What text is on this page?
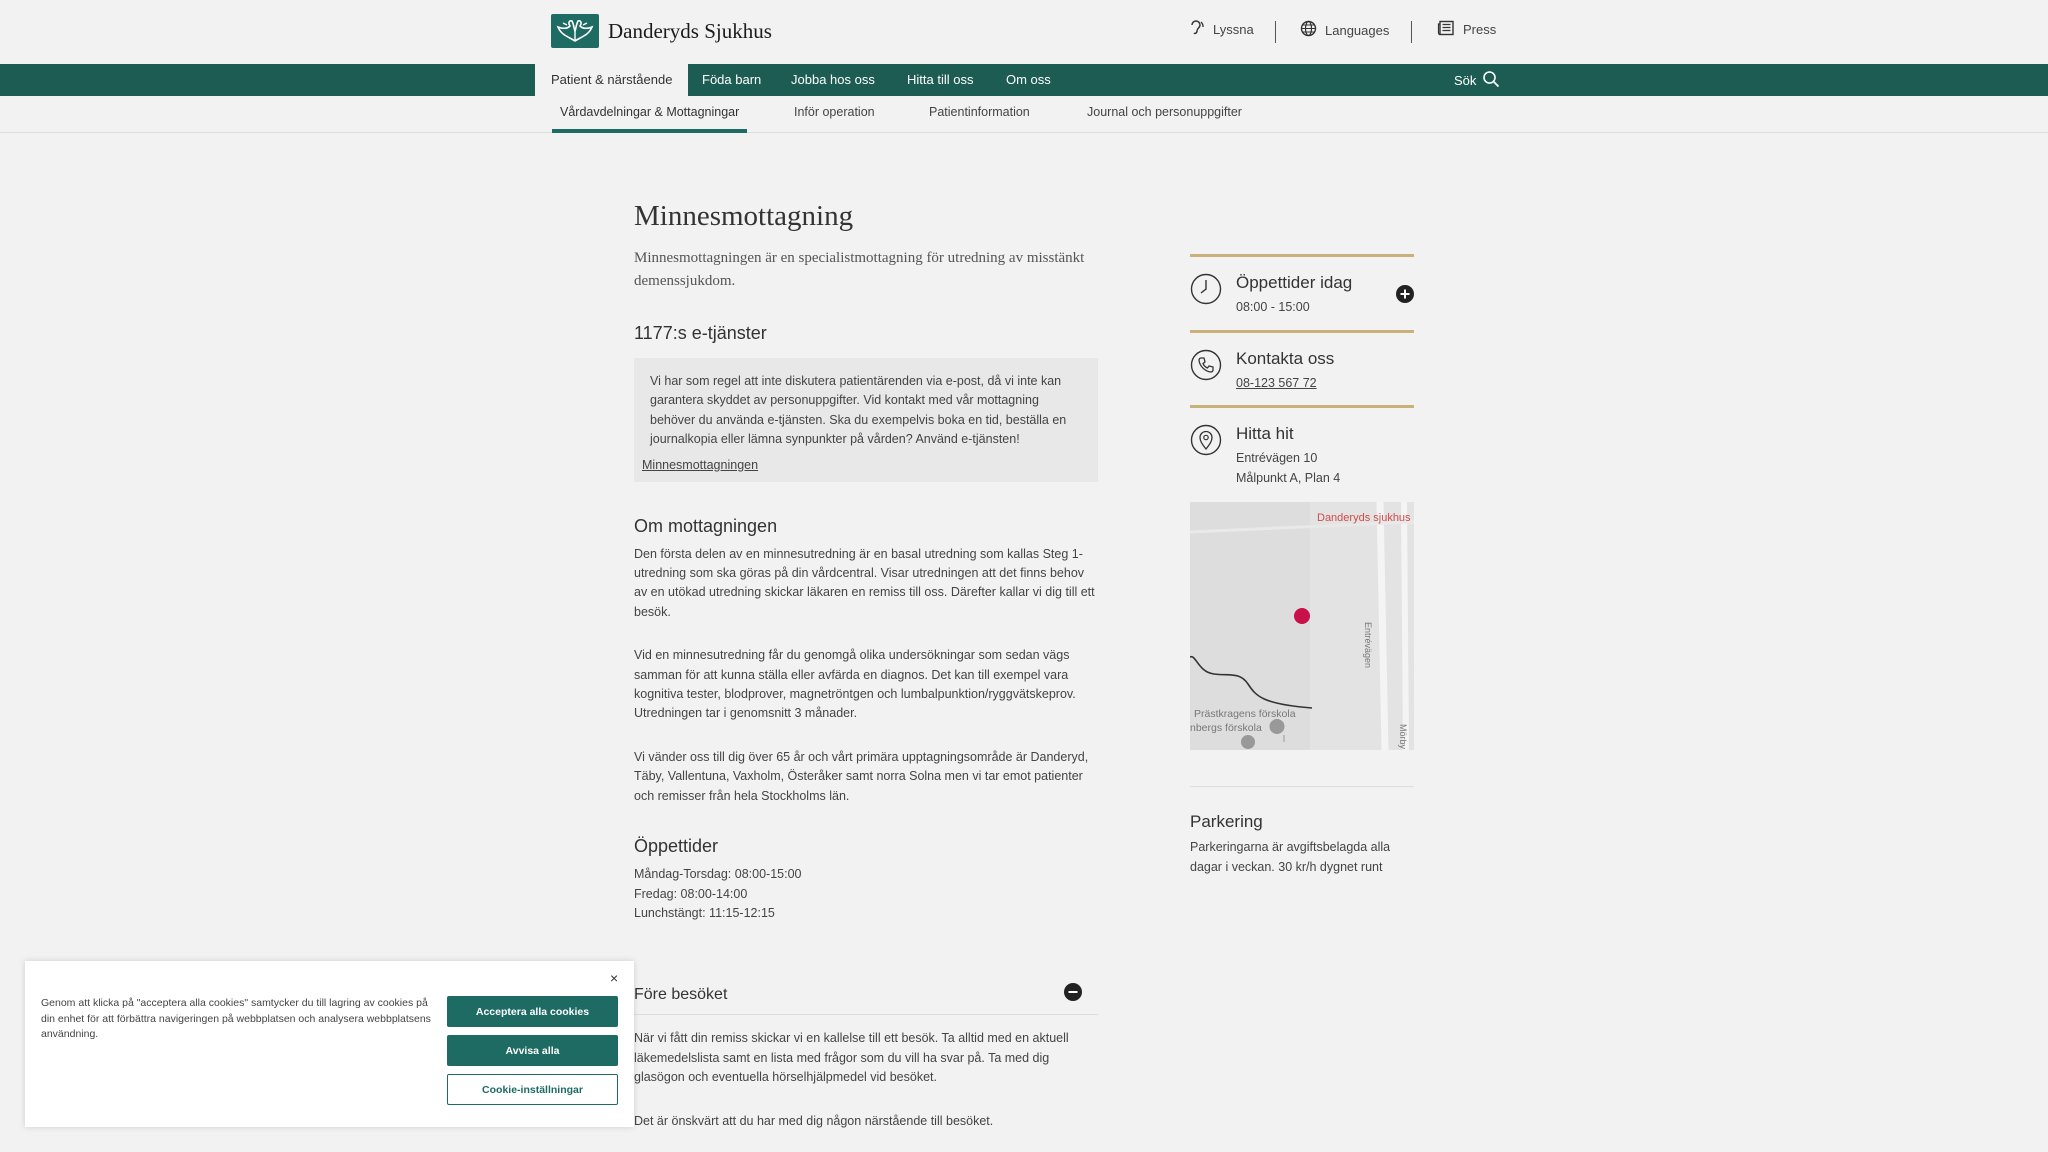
Danderyds Sjukhus	Lyssna	Languages	Press
Patient & närstående	Föda barn	Jobba hos oss	Hitta till oss	Om oss	Sök
Vårdavdelningar & Mottagningar	Inför operation	Patientinformation	Journal och personuppgifter
Minnesmottagning

Minnesmottagningen är en specialistmottagning för utredning av misstänkt demenssjukdom.

1177:s e-tjänster

Vi har som regel att inte diskutera patientärenden via e-post, då vi inte kan garantera skyddet av personuppgifter. Vid kontakt med vår mottagning behöver du använda e-tjänsten. Ska du exempelvis boka en tid, beställa en journalkopia eller lämna synpunkter på vården? Använd e-tjänsten!

Minnesmottagningen
Om mottagningen

Den första delen av en minnesutredning är en basal utredning som kallas Steg 1-utredning som ska göras på din vårdcentral. Visar utredningen att det finns behov av en utökad utredning skickar läkaren en remiss till oss. Därefter kallar vi dig till ett besök.

Vid en minnesutredning får du genomgå olika undersökningar som sedan vägs samman för att kunna ställa eller avfärda en diagnos. Det kan till exempel vara kognitiva tester, blodprover, magnetröntgen och lumbalpunktion/ryggvätskeprov. Utredningen tar i genomsnitt 3 månader.

Vi vänder oss till dig över 65 år och vårt primära upptagningsområde är Danderyd, Täby, Vallentuna, Vaxholm, Österåker samt norra Solna men vi tar emot patienter och remisser från hela Stockholms län.

Öppettider

Måndag-Torsdag: 08:00-15:00

Fredag: 08:00-14:00

Lunchstängt: 11:15-12:15

Före besöket

När vi fått din remiss skickar vi en kallelse till ett besök. Ta alltid med en aktuell läkemedelslista samt en lista med frågor som du vill ha svar på. Ta med dig glasögon och eventuella hörselhjälpmedel vid besöket.

Det är önskvärt att du har med dig någon närstående till besöket.

Öppettider idag
08:00 - 15:00
Kontakta oss
08-123 567 72
Hitta hit
Entrévägen 10
Målpunkt A, Plan 4
Danderyds sjukhus
Prästkragens förskola
nbergs förskola
Entrévägen
Mörby
Parkering

Parkeringarna är avgiftsbelagda alla dagar i veckan. 30 kr/h dygnet runt

×

Genom att klicka på "acceptera alla cookies" samtycker du till lagring av cookies på din enhet för att förbättra navigeringen på webbplatsen och analysera webbplatsens användning.

Acceptera alla cookies
Avvisa alla
Cookie-inställningar
